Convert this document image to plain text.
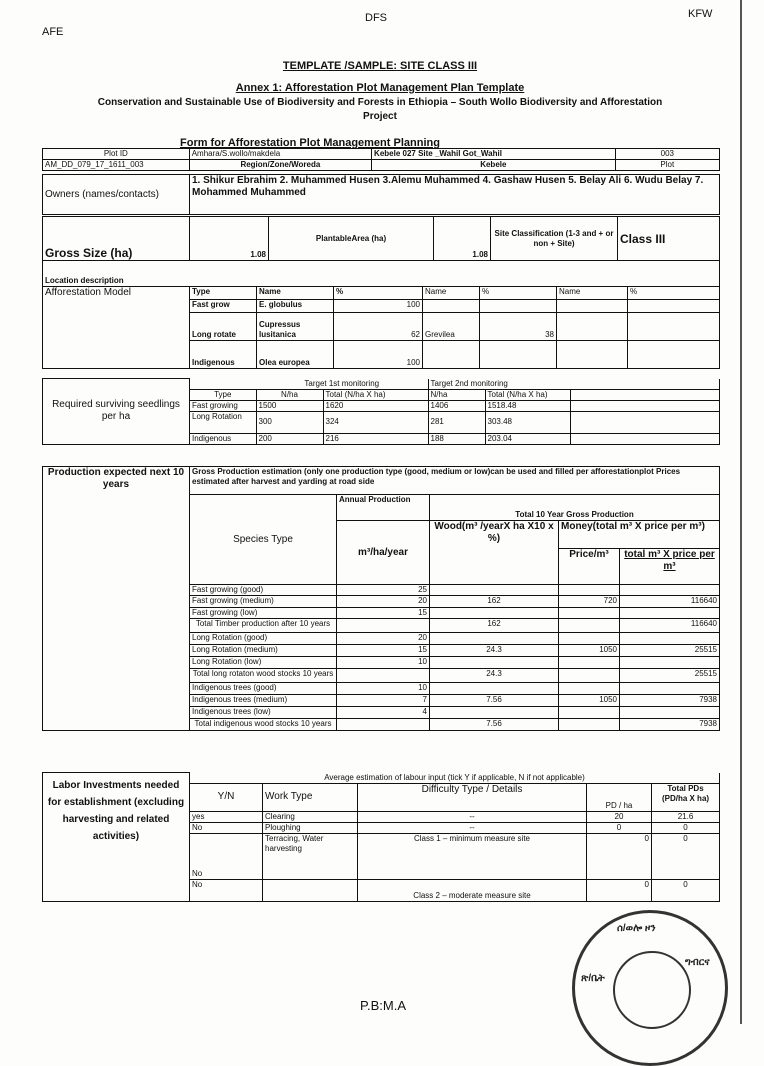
AFE
DFS	KFW
TEMPLATE /SAMPLE: SITE CLASS III
Annex 1: Afforestation Plot Management Plan Template
Conservation and Sustainable Use of Biodiversity and Forests in Ethiopia – South Wollo Biodiversity and Afforestation Project
Form for Afforestation Plot Management Planning
Plot ID	Amhara/S.wollo/makdela	Kebele 027 Site _Wahil Got_Wahil	003
AM_DD_079_17_1611_003	Region/Zone/Woreda	Kebele	Plot
Owners (names/contacts)	1. Shikur Ebrahim 2. Muhammed Husen 3.Alemu Muhammed 4. Gashaw Husen 5. Belay Ali 6. Wudu Belay 7. Mohammed Muhammed
Gross Size (ha)	1.08	PlantableArea (ha)	1.08	Site Classification (1-3 and + or non + Site)	Class III
Location description
Afforestation Model	Type	Name	%	Name	%	Name	%
	Fast grow	E. globulus	100				
	Long rotate	Cupressus lusitanica	62	Grevilea	38		
	Indigenous	Olea europea	100				
Required surviving seedlings per ha		Target 1st monitoring		Target 2nd monitoring		
	Type	N/ha	Total (N/ha X ha)	N/ha	Total (N/ha X ha)	
	Fast growing	1500	1620	1406	1518.48	
	Long Rotation	300	324	281	303.48	
	Indigenous	200	216	188	203.04	
Production expected next 10 years	Gross Production estimation (only one production type (good, medium or low)can be used and filled per afforestationplot Prices estimated after harvest and yarding at road side				
	Species Type	Annual Production	Total 10 Year Gross Production		
		m³/ha/year	Wood(m³ /yearX ha X10 x %)	Money(total m³ X price per m³)	
				Price/m³	total m³ X price per m³
	Fast growing (good)	25			
	Fast growing (medium)	20	162	720	116640
	Fast growing (low)	15			
	Total Timber production after 10 years		162		116640
	Long Rotation (good)	20			
	Long Rotation (medium)	15	24.3	1050	25515
	Long Rotation (low)	10			
	Total long rotaton wood stocks 10 years		24.3		25515
	Indigenous trees (good)	10			
	Indigenous trees (medium)	7	7.56	1050	7938
	Indigenous trees (low)	4			
	Total indigenous wood stocks 10 years		7.56		7938
Labor Investments needed for establishment (excluding harvesting and related activities)	Average estimation of labour input (tick Y if applicable, N if not applicable)				
	Y/N	Work Type	Difficulty Type / Details	PD / ha	Total PDs (PD/ha X ha)
	yes	Clearing	--	20	21.6
	No	Ploughing	--	0	0
	No	Terracing, Water harvesting	Class 1 – minimum measure site	0	0
	No		Class 2 – moderate measure site	0	0
ሰ/ወሎ ዞን
ግብርና
ጽ/ቤት
P.B:M.A
